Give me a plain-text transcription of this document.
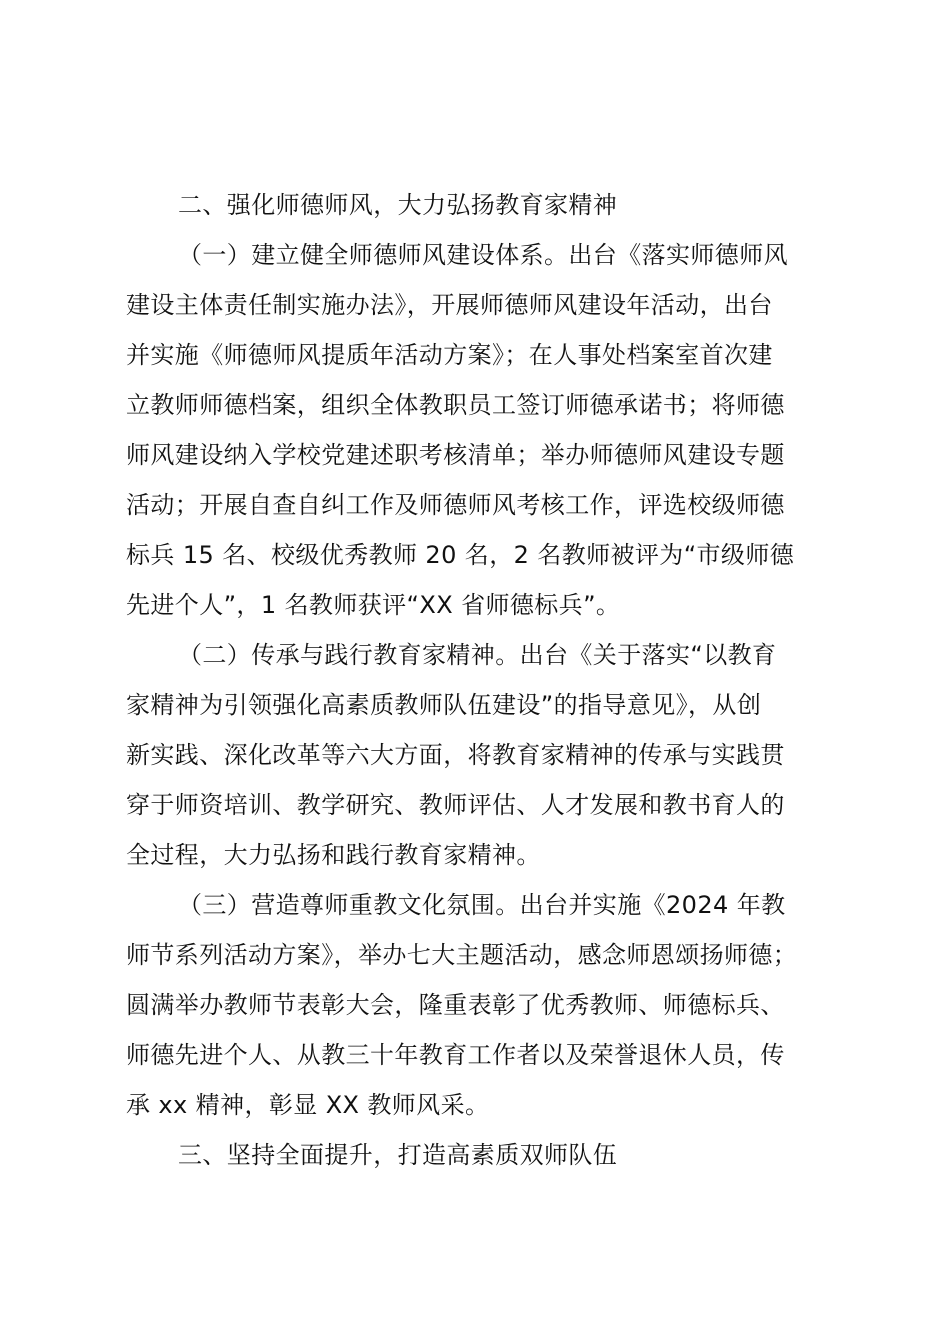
二、强化师德师风，大力弘扬教育家精神
（一）建立健全师德师风建设体系。出台《落实师德师风
建设主体责任制实施办法》，开展师德师风建设年活动，出台
并实施《师德师风提质年活动方案》；在人事处档案室首次建
立教师师德档案，组织全体教职员工签订师德承诺书；将师德
师风建设纳入学校党建述职考核清单；举办师德师风建设专题
活动；开展自查自纠工作及师德师风考核工作，评选校级师德
标兵 15 名、校级优秀教师 20 名，2 名教师被评为“市级师德
先进个人”，1 名教师获评“XX 省师德标兵”。
（二）传承与践行教育家精神。出台《关于落实“以教育
家精神为引领强化高素质教师队伍建设”的指导意见》，从创
新实践、深化改革等六大方面，将教育家精神的传承与实践贯
穿于师资培训、教学研究、教师评估、人才发展和教书育人的
全过程，大力弘扬和践行教育家精神。
（三）营造尊师重教文化氛围。出台并实施《2024 年教
师节系列活动方案》，举办七大主题活动，感念师恩颂扬师德；
圆满举办教师节表彰大会，隆重表彰了优秀教师、师德标兵、
师德先进个人、从教三十年教育工作者以及荣誉退休人员，传
承 xx 精神，彰显 XX 教师风采。
三、坚持全面提升，打造高素质双师队伍
